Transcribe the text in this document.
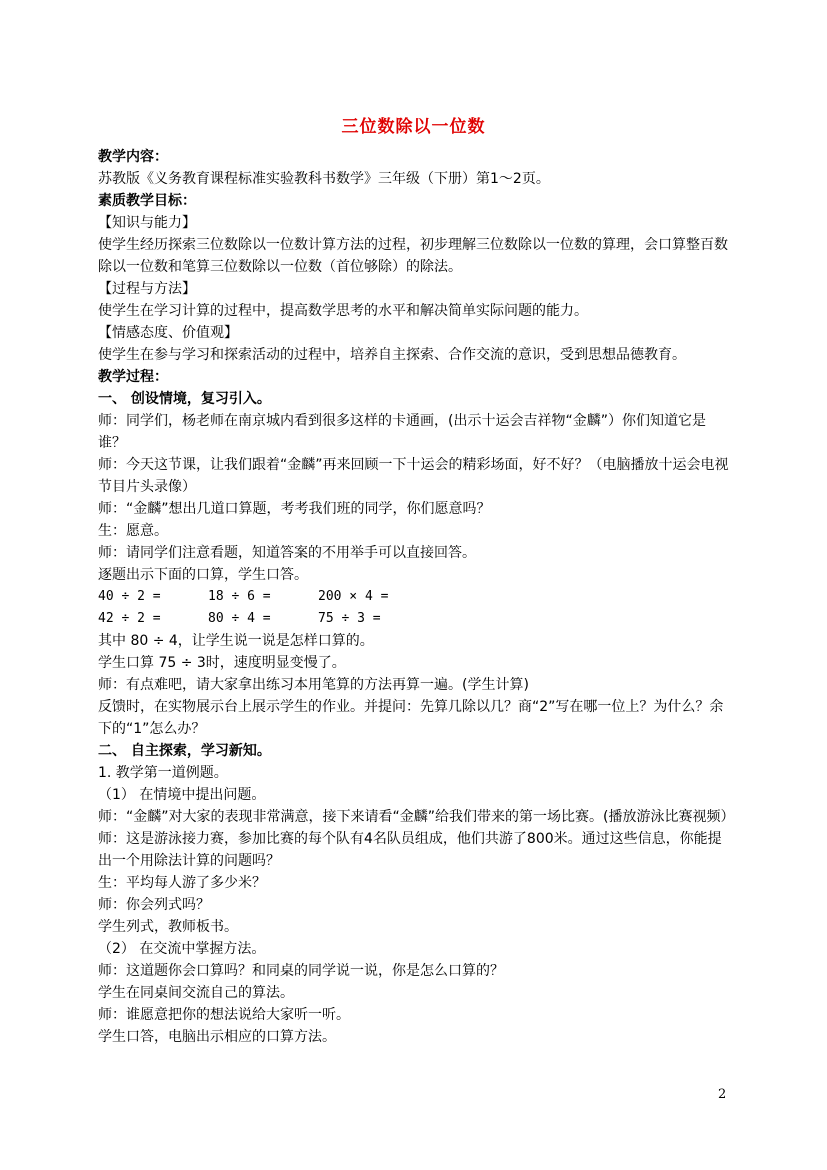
三位数除以一位数
教学内容：
苏教版《义务教育课程标准实验教科书数学》三年级（下册）第1～2页。
素质教学目标：
【知识与能力】
使学生经历探索三位数除以一位数计算方法的过程，初步理解三位数除以一位数的算理，会口算整百数除以一位数和笔算三位数除以一位数（首位够除）的除法。
【过程与方法】
使学生在学习计算的过程中，提高数学思考的水平和解决简单实际问题的能力。
【情感态度、价值观】
使学生在参与学习和探索活动的过程中，培养自主探索、合作交流的意识，受到思想品德教育。
教学过程：
一、 创设情境，复习引入。
师：同学们，杨老师在南京城内看到很多这样的卡通画，(出示十运会吉祥物“金麟”）你们知道它是谁？
师：今天这节课，让我们跟着“金麟”再来回顾一下十运会的精彩场面，好不好？（电脑播放十运会电视节目片头录像）
师：“金麟”想出几道口算题，考考我们班的同学，你们愿意吗？
生：愿意。
师：请同学们注意看题，知道答案的不用举手可以直接回答。
逐题出示下面的口算，学生口答。
40 ÷ 2 =	18 ÷ 6 =	200 × 4 =
42 ÷ 2 =	80 ÷ 4 =	75 ÷ 3 =
其中 80 ÷ 4，让学生说一说是怎样口算的。
学生口算 75 ÷ 3时，速度明显变慢了。
师：有点难吧，请大家拿出练习本用笔算的方法再算一遍。(学生计算)
反馈时，在实物展示台上展示学生的作业。并提问：先算几除以几？商“2”写在哪一位上？为什么？余下的“1”怎么办？
二、 自主探索，学习新知。
1. 教学第一道例题。
（1） 在情境中提出问题。
师：“金麟”对大家的表现非常满意，接下来请看“金麟”给我们带来的第一场比赛。(播放游泳比赛视频）
师：这是游泳接力赛，参加比赛的每个队有4名队员组成，他们共游了800米。通过这些信息，你能提出一个用除法计算的问题吗？
生：平均每人游了多少米？
师：你会列式吗？
学生列式，教师板书。
（2） 在交流中掌握方法。
师：这道题你会口算吗？和同桌的同学说一说，你是怎么口算的？
学生在同桌间交流自己的算法。
师：谁愿意把你的想法说给大家听一听。
学生口答，电脑出示相应的口算方法。
2
